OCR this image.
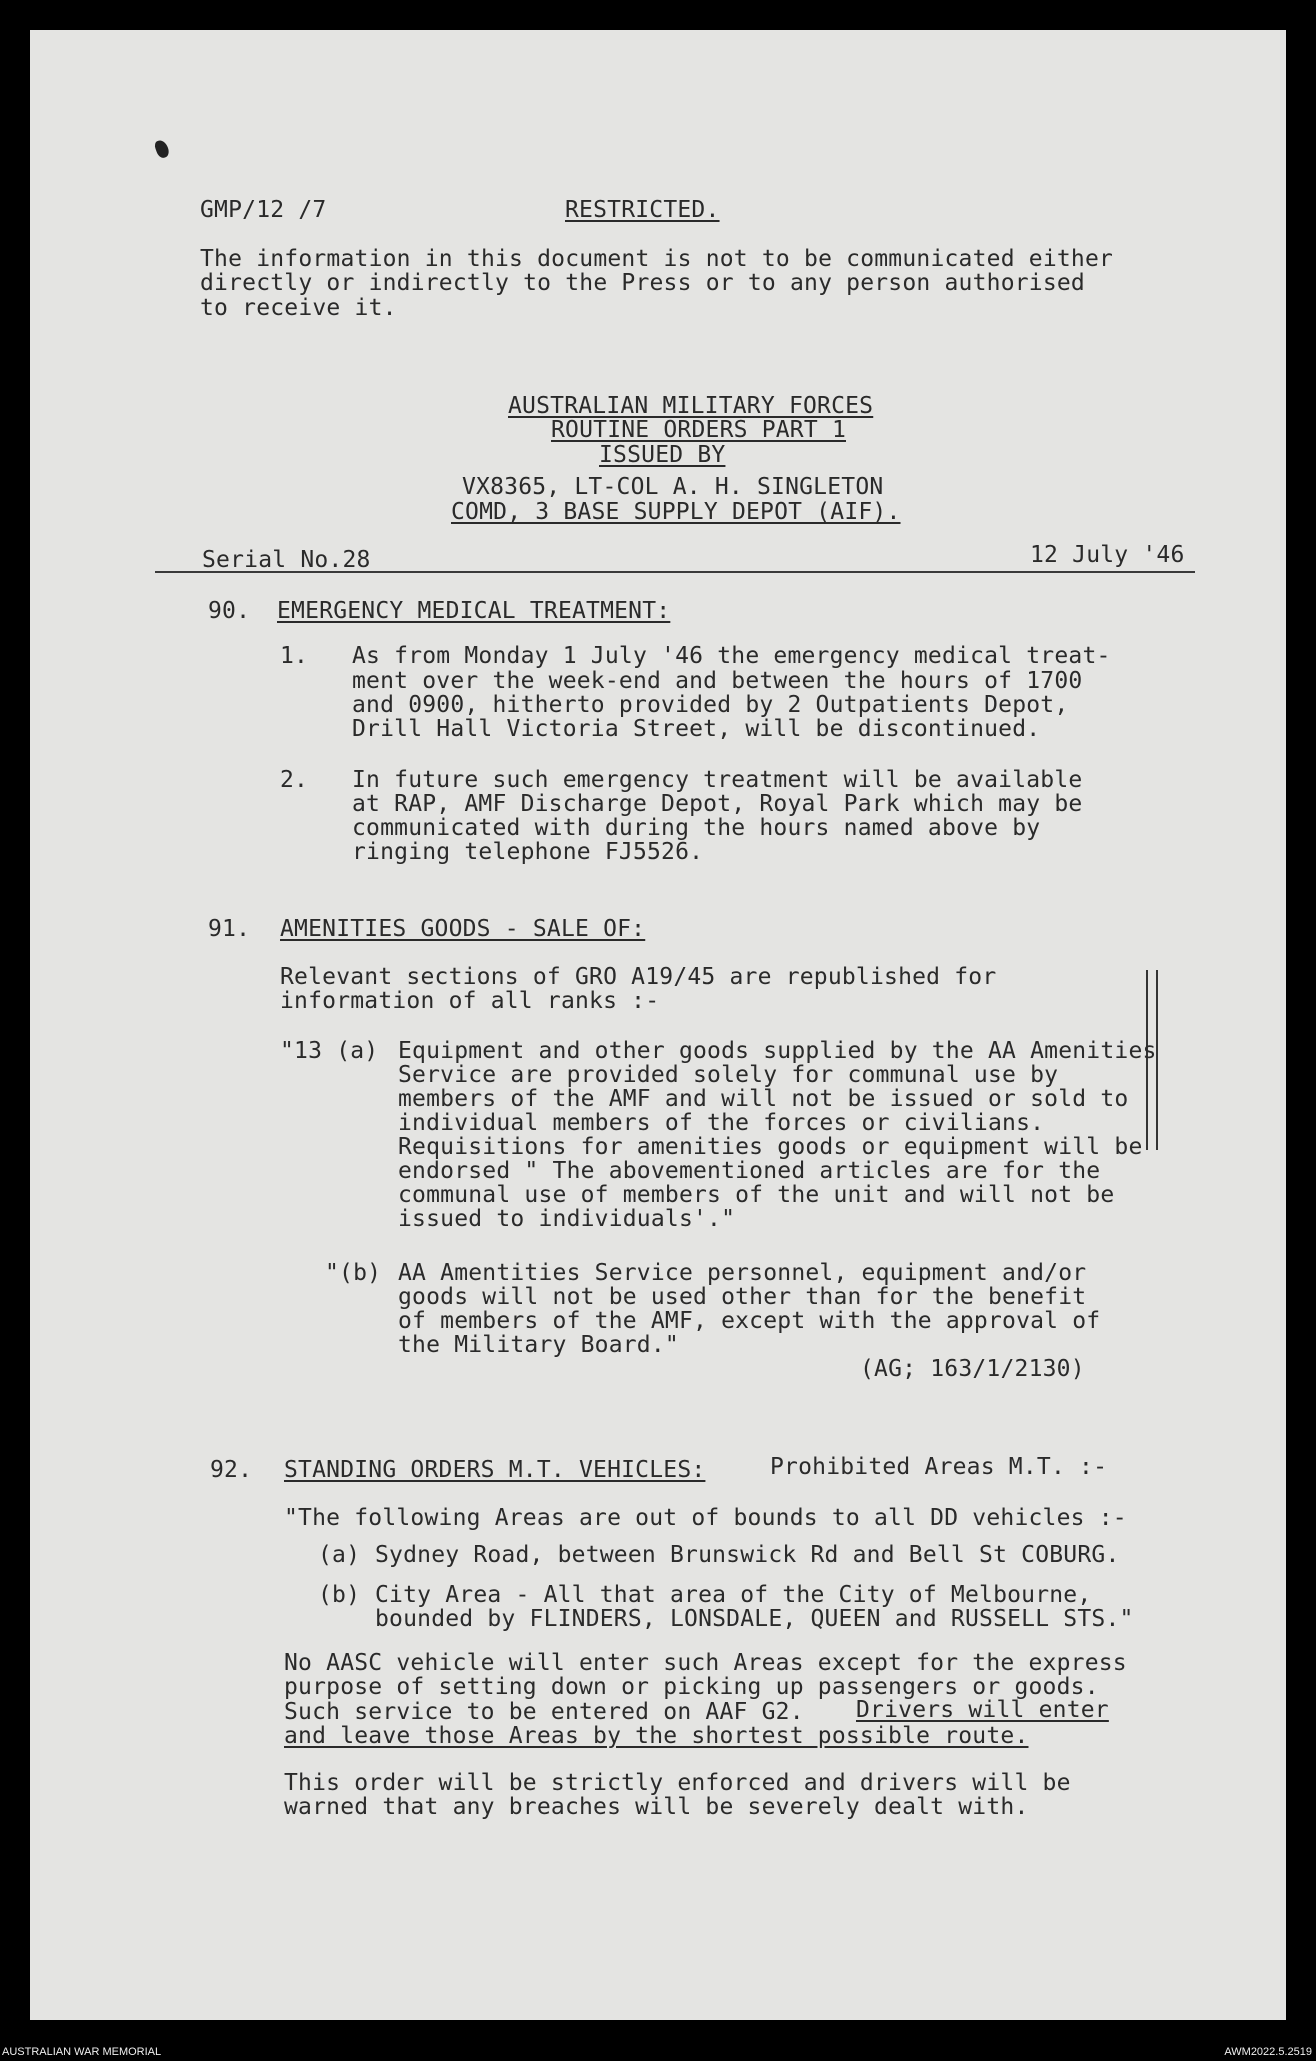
GMP/12 /7	RESTRICTED.
The information in this document is not to be communicated either
directly or indirectly to the Press or to any person authorised
to receive it.
AUSTRALIAN MILITARY FORCES
ROUTINE ORDERS PART 1
ISSUED BY
VX8365, LT-COL A. H. SINGLETON
COMD, 3 BASE SUPPLY DEPOT (AIF).
Serial No.28	12 July '46
90. EMERGENCY MEDICAL TREATMENT:
1. As from Monday 1 July '46 the emergency medical treat-
ment over the week-end and between the hours of 1700
and 0900, hitherto provided by 2 Outpatients Depot,
Drill Hall Victoria Street, will be discontinued.
2. In future such emergency treatment will be available
at RAP, AMF Discharge Depot, Royal Park which may be
communicated with during the hours named above by
ringing telephone FJ5526.
91. AMENITIES GOODS - SALE OF:
Relevant sections of GRO A19/45 are republished for
information of all ranks :-
"13 (a) Equipment and other goods supplied by the AA Amenities
Service are provided solely for communal use by
members of the AMF and will not be issued or sold to
individual members of the forces or civilians.
Requisitions for amenities goods or equipment will be
endorsed " The abovementioned articles are for the
communal use of members of the unit and will not be
issued to individuals'."
"(b) AA Amentities Service personnel, equipment and/or
goods will not be used other than for the benefit
of members of the AMF, except with the approval of
the Military Board."
(AG; 163/1/2130)
92. STANDING ORDERS M.T. VEHICLES:	Prohibited Areas M.T. :-
"The following Areas are out of bounds to all DD vehicles :-
(a) Sydney Road, between Brunswick Rd and Bell St COBURG.
(b) City Area - All that area of the City of Melbourne,
bounded by FLINDERS, LONSDALE, QUEEN and RUSSELL STS."
No AASC vehicle will enter such Areas except for the express
purpose of setting down or picking up passengers or goods.
Such service to be entered on AAF G2. Drivers will enter
and leave those Areas by the shortest possible route.
This order will be strictly enforced and drivers will be
warned that any breaches will be severely dealt with.
AUSTRALIAN WAR MEMORIAL	AWM2022.5.2519
